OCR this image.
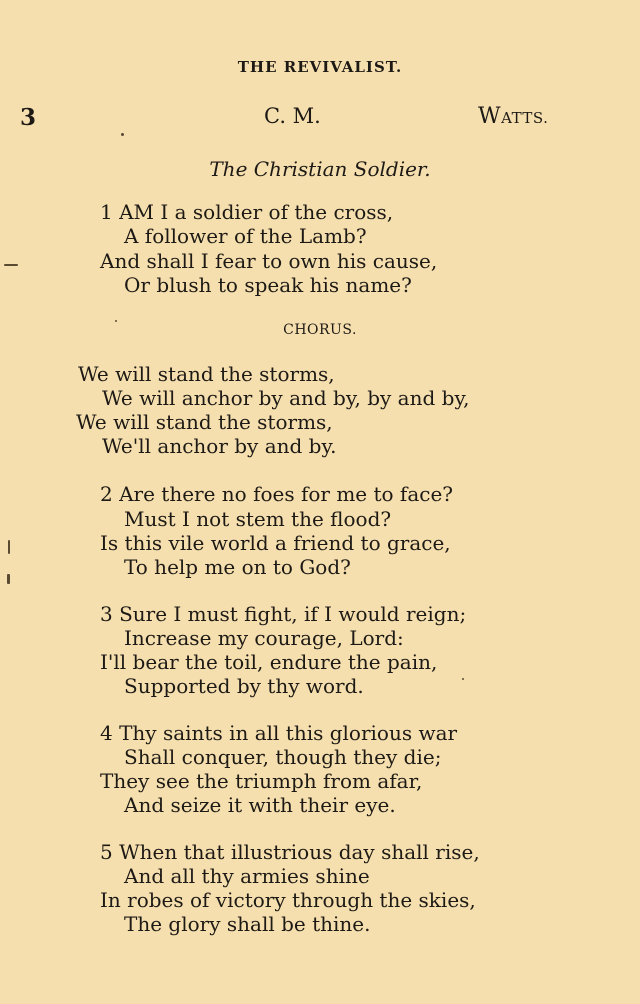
THE REVIVALIST.
3	C. M.	WATTS.
The Christian Soldier.
1 AM I a soldier of the cross,
A follower of the Lamb?
And shall I fear to own his cause,
Or blush to speak his name?
CHORUS.
We will stand the storms,
We will anchor by and by, by and by,
We will stand the storms,
We'll anchor by and by.
2 Are there no foes for me to face?
Must I not stem the flood?
Is this vile world a friend to grace,
To help me on to God?
3 Sure I must fight, if I would reign;
Increase my courage, Lord:
I'll bear the toil, endure the pain,
Supported by thy word.
4 Thy saints in all this glorious war
Shall conquer, though they die;
They see the triumph from afar,
And seize it with their eye.
5 When that illustrious day shall rise,
And all thy armies shine
In robes of victory through the skies,
The glory shall be thine.
